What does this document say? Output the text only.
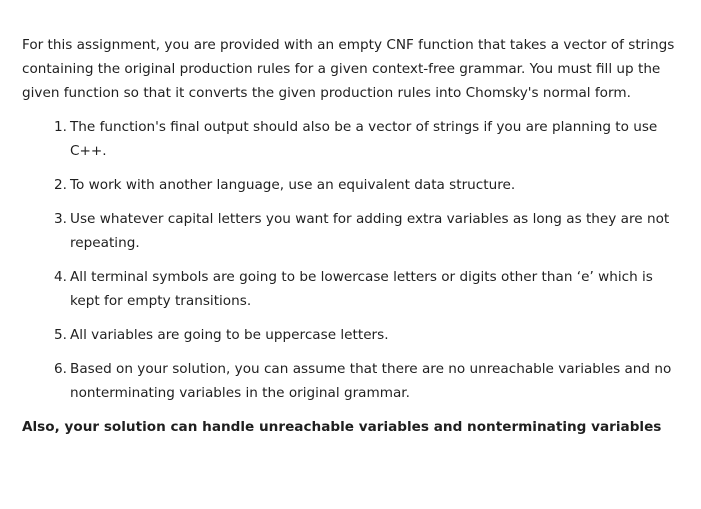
For this assignment, you are provided with an empty CNF function that takes a vector of strings containing the original production rules for a given context-free grammar. You must fill up the given function so that it converts the given production rules into Chomsky's normal form.

1. The function's final output should also be a vector of strings if you are planning to use C++.
2. To work with another language, use an equivalent data structure.
3. Use whatever capital letters you want for adding extra variables as long as they are not repeating.
4. All terminal symbols are going to be lowercase letters or digits other than ‘e’ which is kept for empty transitions.
5. All variables are going to be uppercase letters.
6. Based on your solution, you can assume that there are no unreachable variables and no nonterminating variables in the original grammar.

Also, your solution can handle unreachable variables and nonterminating variables
